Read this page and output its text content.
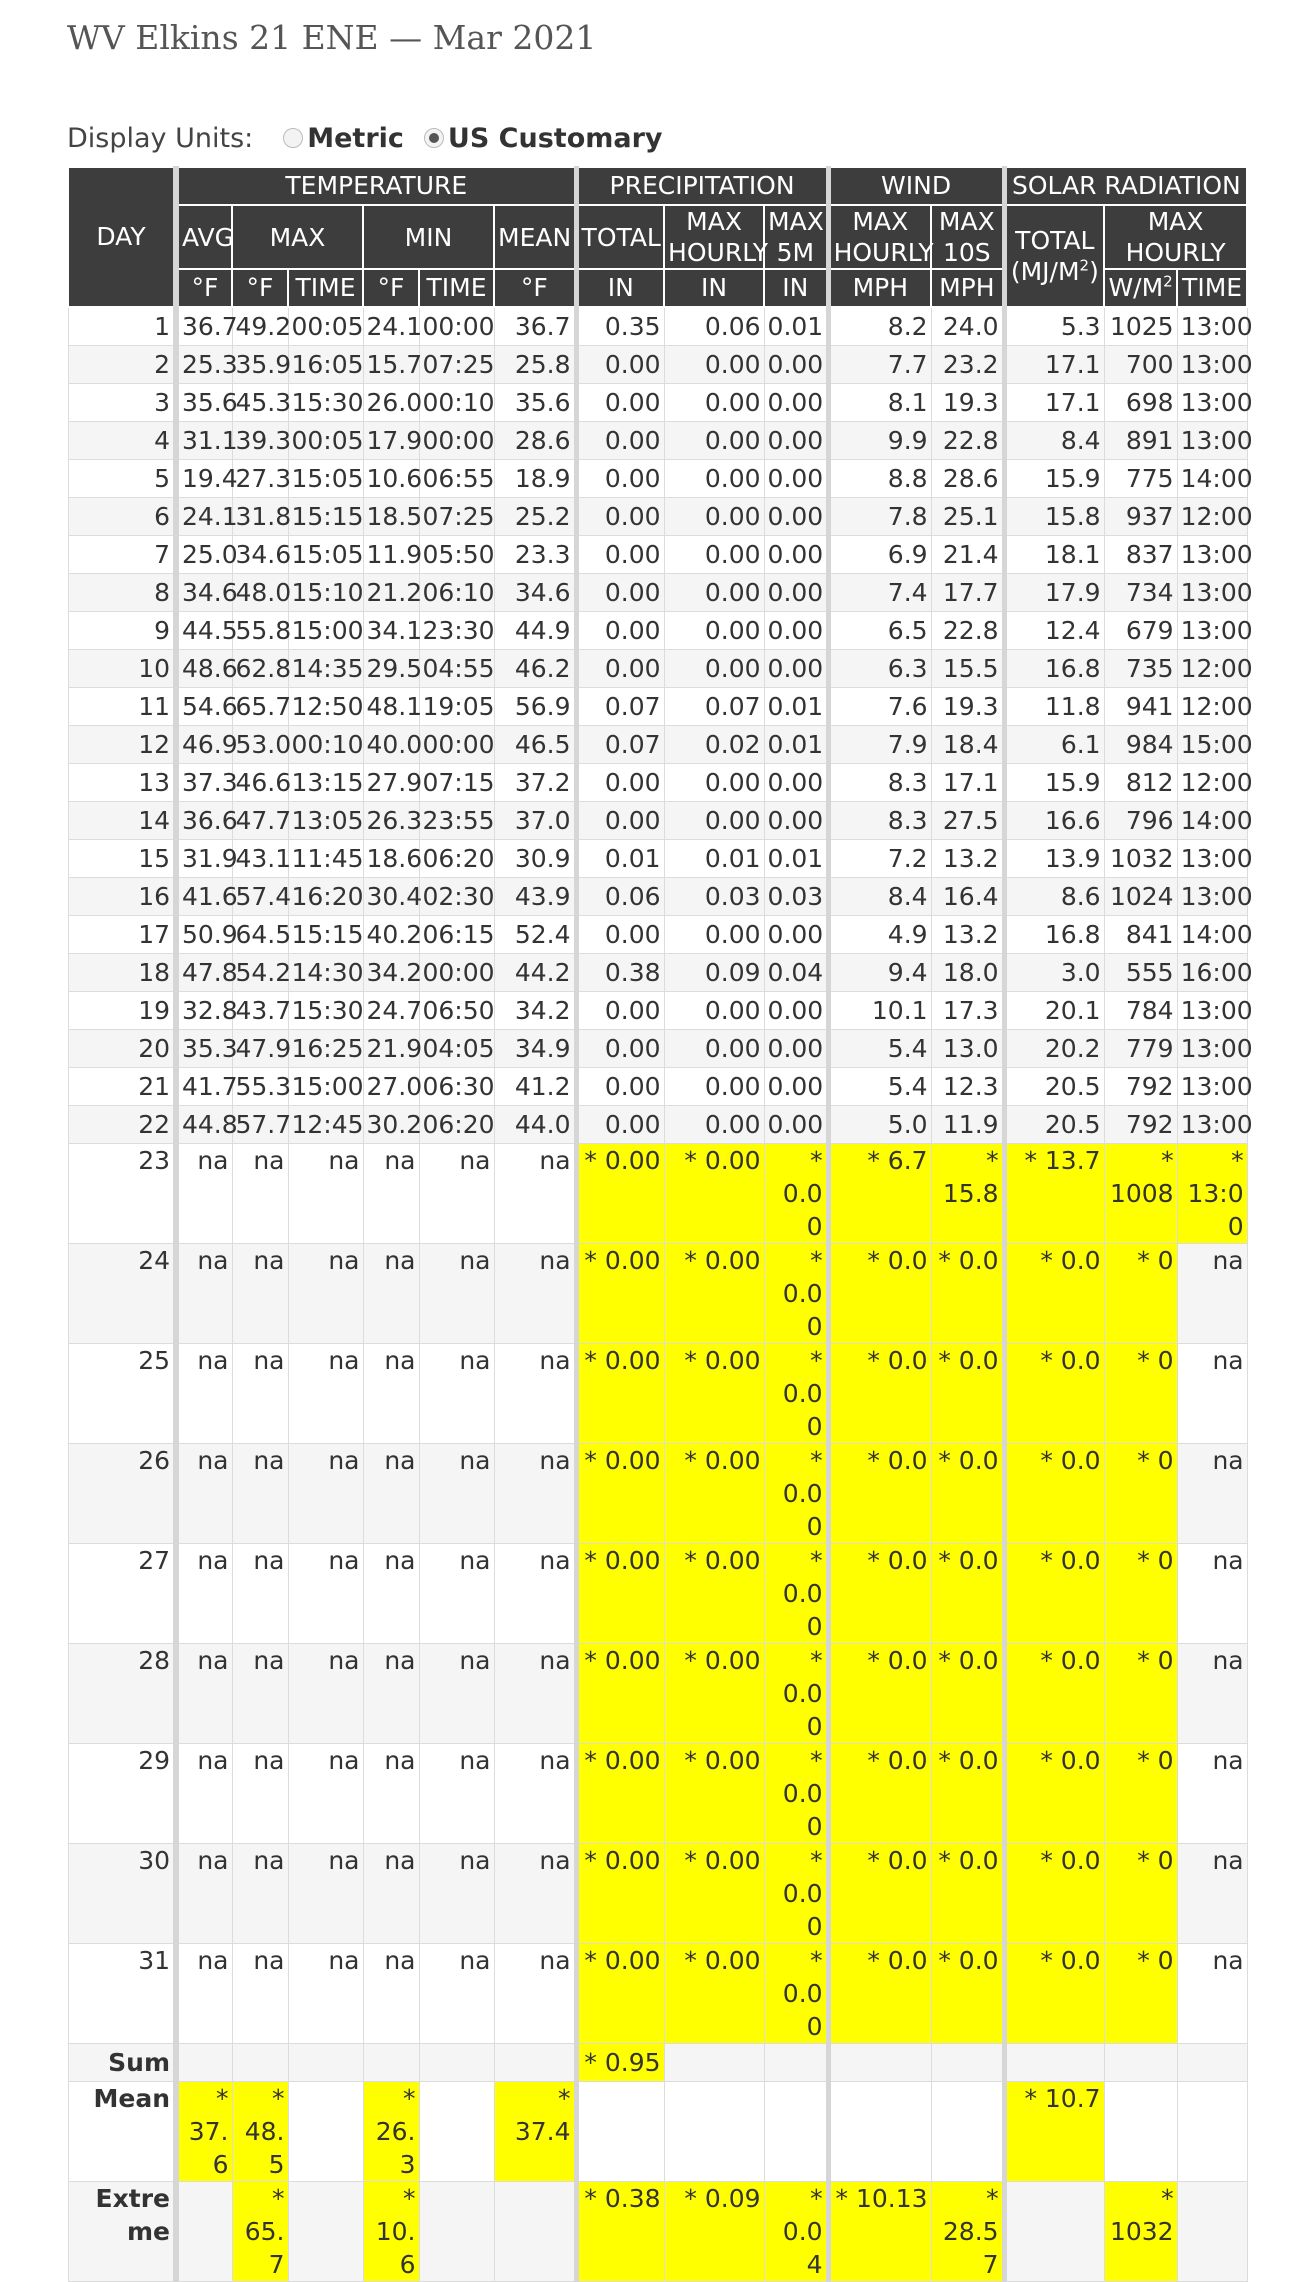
WV Elkins 21 ENE — Mar 2021
Display Units: Metric US Customary
DAY	TEMPERATURE						PRECIPITATION			WIND		SOLAR RADIATION		
	AVG	MAX		MIN		MEAN	TOTAL	MAX HOURLY	MAX 5M	MAX HOURLY	MAX 10S	TOTAL $(MJ/M^2)$	MAX HOURLY	
	°F	°F	TIME	°F	TIME	°F	IN	IN	IN	MPH	MPH		$W/M^2$	TIME
1	36.7	49.2	00:05	24.1	00:00	36.7	0.35	0.06	0.01	8.2	24.0	5.3	1025	13:00
2	25.3	35.9	16:05	15.7	07:25	25.8	0.00	0.00	0.00	7.7	23.2	17.1	700	13:00
3	35.6	45.3	15:30	26.0	00:10	35.6	0.00	0.00	0.00	8.1	19.3	17.1	698	13:00
4	31.1	39.3	00:05	17.9	00:00	28.6	0.00	0.00	0.00	9.9	22.8	8.4	891	13:00
5	19.4	27.3	15:05	10.6	06:55	18.9	0.00	0.00	0.00	8.8	28.6	15.9	775	14:00
6	24.1	31.8	15:15	18.5	07:25	25.2	0.00	0.00	0.00	7.8	25.1	15.8	937	12:00
7	25.0	34.6	15:05	11.9	05:50	23.3	0.00	0.00	0.00	6.9	21.4	18.1	837	13:00
8	34.6	48.0	15:10	21.2	06:10	34.6	0.00	0.00	0.00	7.4	17.7	17.9	734	13:00
9	44.5	55.8	15:00	34.1	23:30	44.9	0.00	0.00	0.00	6.5	22.8	12.4	679	13:00
10	48.6	62.8	14:35	29.5	04:55	46.2	0.00	0.00	0.00	6.3	15.5	16.8	735	12:00
11	54.6	65.7	12:50	48.1	19:05	56.9	0.07	0.07	0.01	7.6	19.3	11.8	941	12:00
12	46.9	53.0	00:10	40.0	00:00	46.5	0.07	0.02	0.01	7.9	18.4	6.1	984	15:00
13	37.3	46.6	13:15	27.9	07:15	37.2	0.00	0.00	0.00	8.3	17.1	15.9	812	12:00
14	36.6	47.7	13:05	26.3	23:55	37.0	0.00	0.00	0.00	8.3	27.5	16.6	796	14:00
15	31.9	43.1	11:45	18.6	06:20	30.9	0.01	0.01	0.01	7.2	13.2	13.9	1032	13:00
16	41.6	57.4	16:20	30.4	02:30	43.9	0.06	0.03	0.03	8.4	16.4	8.6	1024	13:00
17	50.9	64.5	15:15	40.2	06:15	52.4	0.00	0.00	0.00	4.9	13.2	16.8	841	14:00
18	47.8	54.2	14:30	34.2	00:00	44.2	0.38	0.09	0.04	9.4	18.0	3.0	555	16:00
19	32.8	43.7	15:30	24.7	06:50	34.2	0.00	0.00	0.00	10.1	17.3	20.1	784	13:00
20	35.3	47.9	16:25	21.9	04:05	34.9	0.00	0.00	0.00	5.4	13.0	20.2	779	13:00
21	41.7	55.3	15:00	27.0	06:30	41.2	0.00	0.00	0.00	5.4	12.3	20.5	792	13:00
22	44.8	57.7	12:45	30.2	06:20	44.0	0.00	0.00	0.00	5.0	11.9	20.5	792	13:00
23	na	na	na	na	na	na	* 0.00	* 0.00	* 0.00	* 6.7	* 15.8	* 13.7	* 1008	* 13:00
24	na	na	na	na	na	na	* 0.00	* 0.00	* 0.00	* 0.0	* 0.0	* 0.0	* 0	na
25	na	na	na	na	na	na	* 0.00	* 0.00	* 0.00	* 0.0	* 0.0	* 0.0	* 0	na
26	na	na	na	na	na	na	* 0.00	* 0.00	* 0.00	* 0.0	* 0.0	* 0.0	* 0	na
27	na	na	na	na	na	na	* 0.00	* 0.00	* 0.00	* 0.0	* 0.0	* 0.0	* 0	na
28	na	na	na	na	na	na	* 0.00	* 0.00	* 0.00	* 0.0	* 0.0	* 0.0	* 0	na
29	na	na	na	na	na	na	* 0.00	* 0.00	* 0.00	* 0.0	* 0.0	* 0.0	* 0	na
30	na	na	na	na	na	na	* 0.00	* 0.00	* 0.00	* 0.0	* 0.0	* 0.0	* 0	na
31	na	na	na	na	na	na	* 0.00	* 0.00	* 0.00	* 0.0	* 0.0	* 0.0	* 0	na
Sum							* 0.95							
Mean	* 37.6	* 48.5		* 26.3		* 37.4						* 10.7		
Extreme		* 65.7		* 10.6			* 0.38	* 0.09	* 0.04	* 10.13	* 28.57		* 1032	
